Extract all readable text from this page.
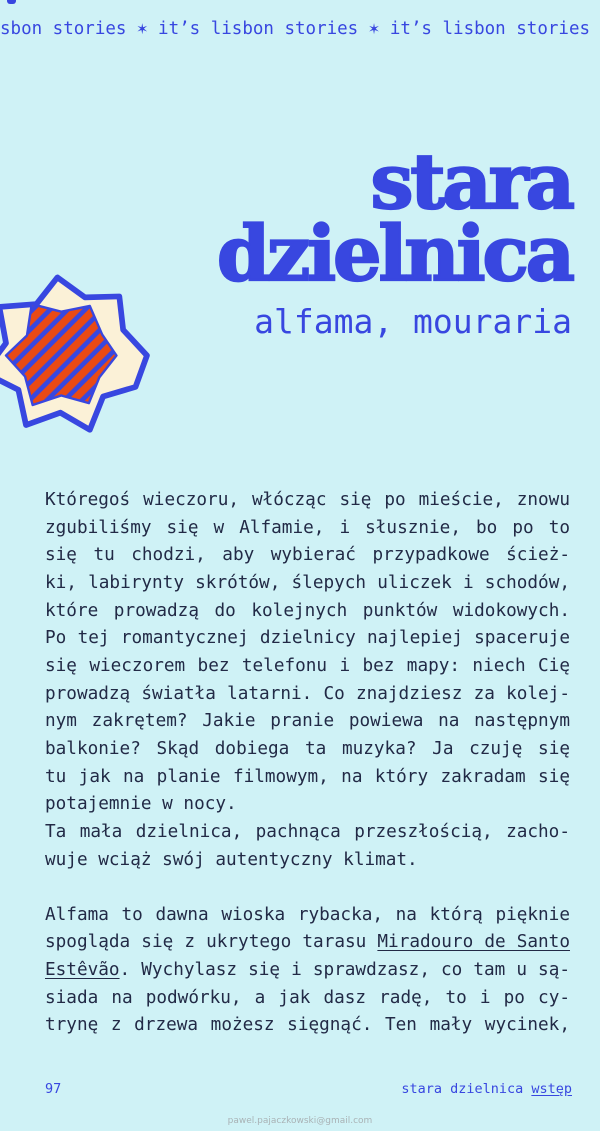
sbon stories ✶ it’s lisbon stories ✶ it’s lisbon stories
stara
dzielnica
alfama, mouraria
Któregoś wieczoru, włócząc się po mieście, znowu
zgubiliśmy się w Alfamie, i słusznie, bo po to
się tu chodzi, aby wybierać przypadkowe ścież-
ki, labirynty skrótów, ślepych uliczek i schodów,
które prowadzą do kolejnych punktów widokowych.
Po tej romantycznej dzielnicy najlepiej spaceruje
się wieczorem bez telefonu i bez mapy: niech Cię
prowadzą światła latarni. Co znajdziesz za kolej-
nym zakrętem? Jakie pranie powiewa na następnym
balkonie? Skąd dobiega ta muzyka? Ja czuję się
tu jak na planie filmowym, na który zakradam się
potajemnie w nocy.
Ta mała dzielnica, pachnąca przeszłością, zacho-
wuje wciąż swój autentyczny klimat.
Alfama to dawna wioska rybacka, na którą pięknie
spogląda się z ukrytego tarasu Miradouro de Santo
Estêvão. Wychylasz się i sprawdzasz, co tam u są-
siada na podwórku, a jak dasz radę, to i po cy-
trynę z drzewa możesz sięgnąć. Ten mały wycinek,
97	stara dzielnica wstęp
pawel.pajaczkowski@gmail.com
